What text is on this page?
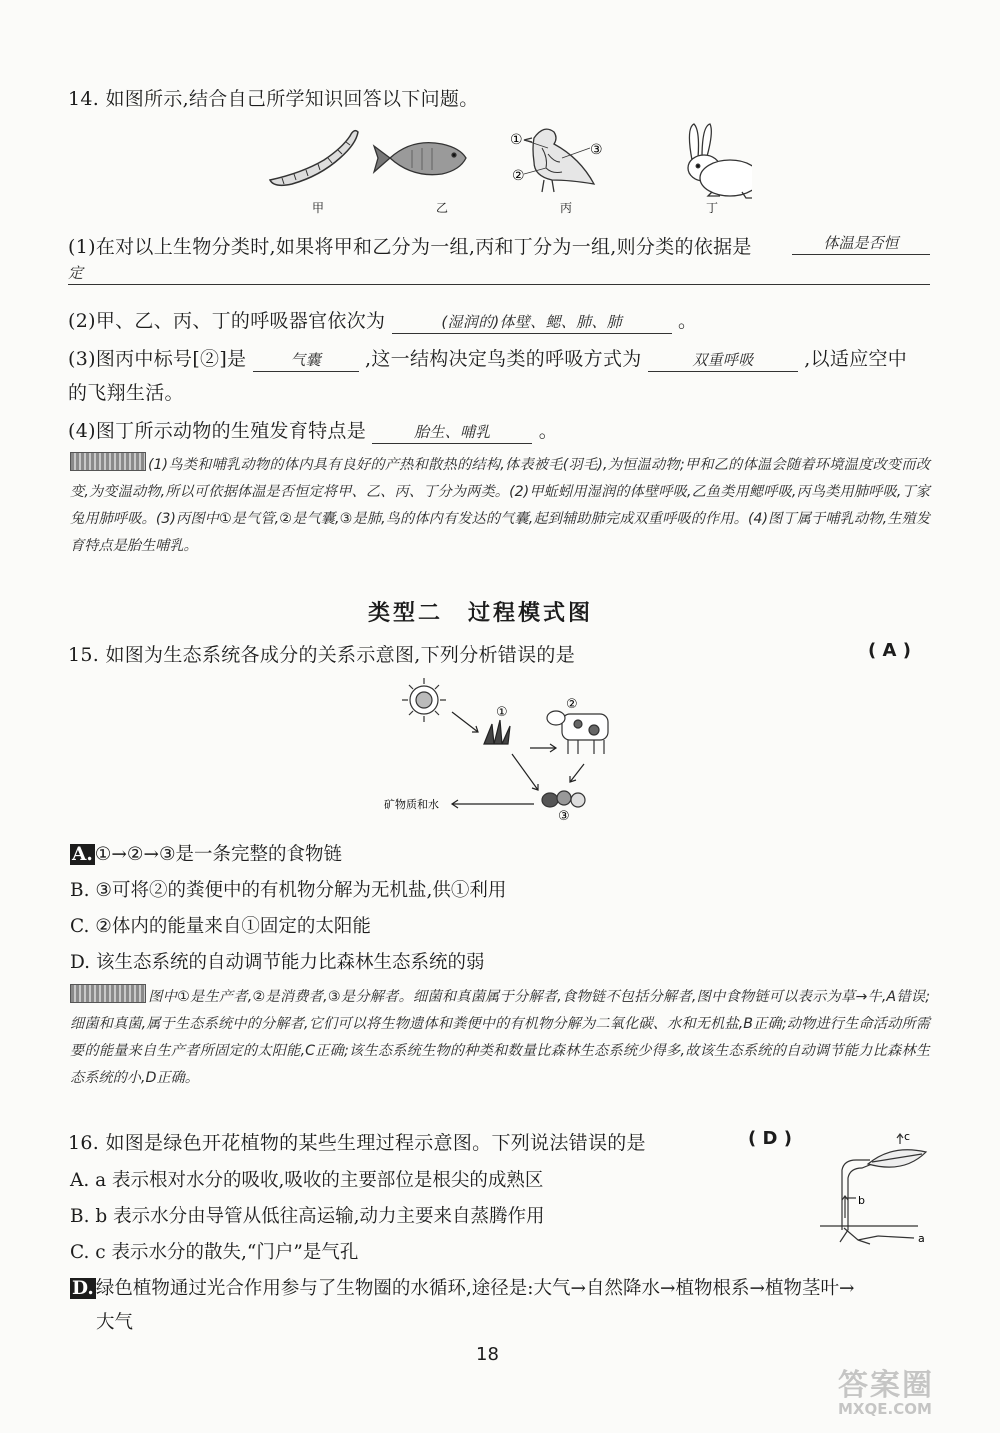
14. 如图所示,结合自己所学知识回答以下问题。
①
②
③
甲	乙	丙	丁
(1)在对以上生物分类时,如果将甲和乙分为一组,丙和丁分为一组,则分类的依据是	体温是否恒
定
(2)甲、乙、丙、丁的呼吸器官依次为	(湿润的)体壁、鳃、肺、肺	。
(3)图丙中标号[②]是	气囊 ,这一结构决定鸟类的呼吸方式为	双重呼吸	,以适应空中
的飞翔生活。
(4)图丁所示动物的生殖发育特点是	胎生、哺乳	。
(1)鸟类和哺乳动物的体内具有良好的产热和散热的结构,体表被毛(羽毛),为恒温动物;甲和乙的体温会随着环境温度改变而改变,为变温动物,所以可依据体温是否恒定将甲、乙、丙、丁分为两类。(2)甲蚯蚓用湿润的体壁呼吸,乙鱼类用鳃呼吸,丙鸟类用肺呼吸,丁家兔用肺呼吸。(3)丙图中①是气管,②是气囊,③是肺,鸟的体内有发达的气囊,起到辅助肺完成双重呼吸的作用。(4)图丁属于哺乳动物,生殖发育特点是胎生哺乳。
类型二　过程模式图
15. 如图为生态系统各成分的关系示意图,下列分析错误的是	( A )
①
②
③
矿物质和水
A. ①→②→③是一条完整的食物链
B. ③可将②的粪便中的有机物分解为无机盐,供①利用
C. ②体内的能量来自①固定的太阳能
D. 该生态系统的自动调节能力比森林生态系统的弱
图中①是生产者,②是消费者,③是分解者。细菌和真菌属于分解者,食物链不包括分解者,图中食物链可以表示为草→牛,A错误;细菌和真菌,属于生态系统中的分解者,它们可以将生物遗体和粪便中的有机物分解为二氧化碳、水和无机盐,B正确;动物进行生命活动所需要的能量来自生产者所固定的太阳能,C正确;该生态系统生物的种类和数量比森林生态系统少得多,故该生态系统的自动调节能力比森林生态系统的小,D正确。
16. 如图是绿色开花植物的某些生理过程示意图。下列说法错误的是	( D )	c
b
a
A. a 表示根对水分的吸收,吸收的主要部位是根尖的成熟区
B. b 表示水分由导管从低往高运输,动力主要来自蒸腾作用
C. c 表示水分的散失,“门户”是气孔
D. 绿色植物通过光合作用参与了生物圈的水循环,途径是:大气→自然降水→植物根系→植物茎叶→
大气
18
答案圈
MXQE.COM
